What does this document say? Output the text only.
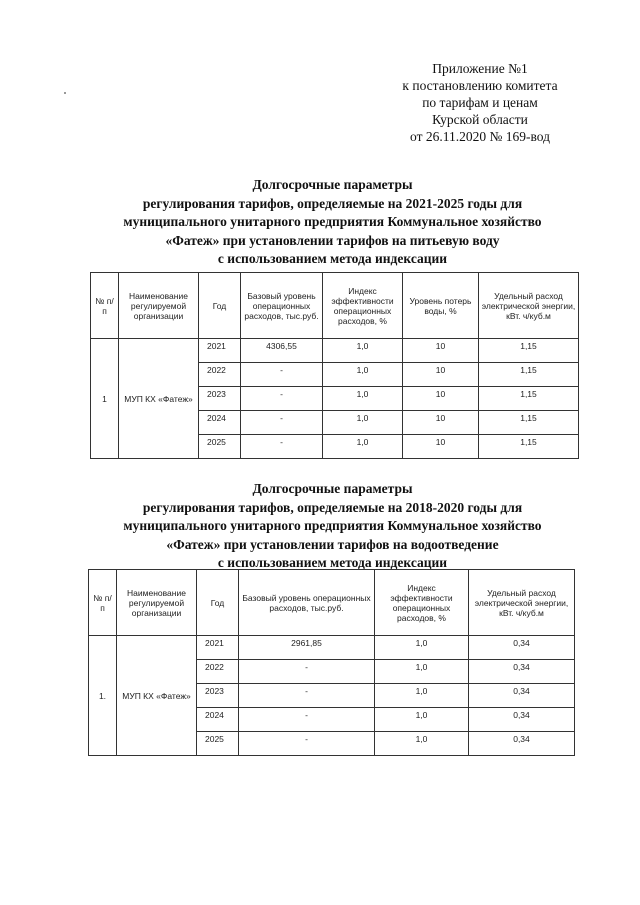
Приложение №1
к постановлению комитета
по тарифам и ценам
Курской области
от 26.11.2020 № 169-вод
Долгосрочные параметры
регулирования тарифов, определяемые на 2021-2025 годы для
муниципального унитарного предприятия Коммунальное хозяйство
«Фатеж» при установлении тарифов на питьевую воду
с использованием метода индексации
№ п/п	Наименование регулируемой организации	Год	Базовый уровень операционных расходов, тыс.руб.	Индекс эффективности операционных расходов, %	Уровень потерь воды, %	Удельный расход электрической энергии, кВт. ч/куб.м
1	МУП КХ «Фатеж»	2021	4306,55	1,0	10	1,15
		2022	-	1,0	10	1,15
		2023	-	1,0	10	1,15
		2024	-	1,0	10	1,15
		2025	-	1,0	10	1,15
Долгосрочные параметры
регулирования тарифов, определяемые на 2018-2020 годы для
муниципального унитарного предприятия Коммунальное хозяйство
«Фатеж» при установлении тарифов на водоотведение
с использованием метода индексации
№ п/п	Наименование регулируемой организации	Год	Базовый уровень операционных расходов, тыс.руб.	Индекс эффективности операционных расходов, %	Удельный расход электрической энергии, кВт. ч/куб.м
1.	МУП КХ «Фатеж»	2021	2961,85	1,0	0,34
		2022	-	1,0	0,34
		2023	-	1,0	0,34
		2024	-	1,0	0,34
		2025	-	1,0	0,34
